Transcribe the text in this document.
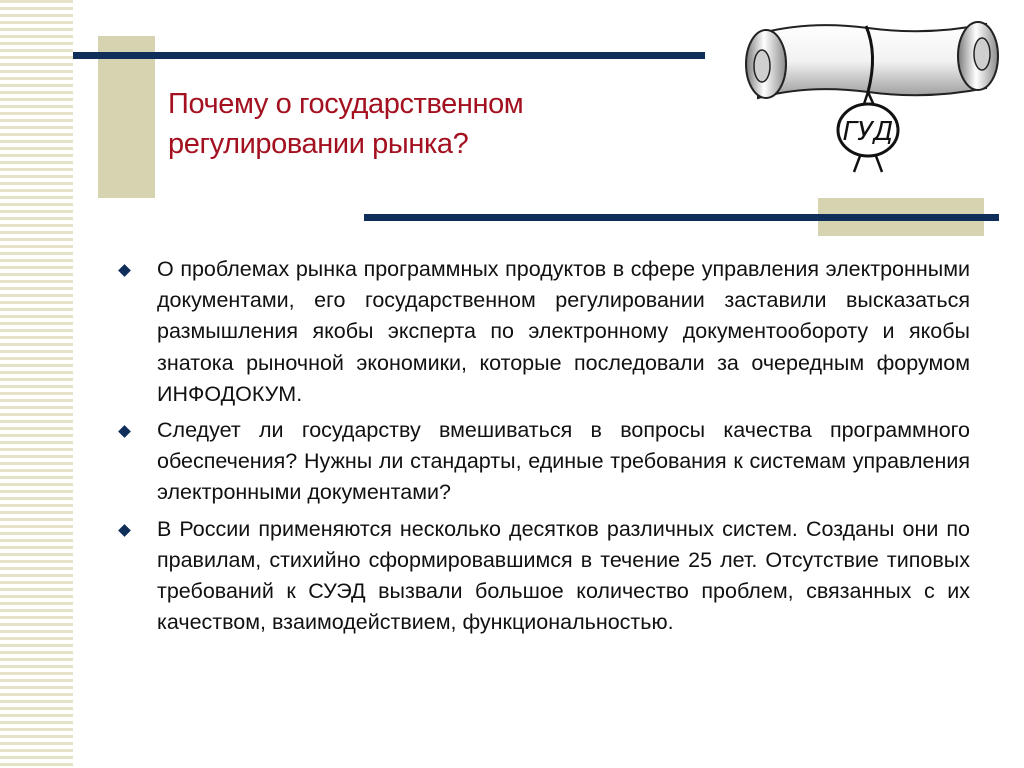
Почему о государственном
регулировании рынка?	ГУД
О проблемах рынка программных продуктов в сфере управления электронными документами, его государственном регулировании заставили высказаться размышления якобы эксперта по электронному документообороту и якобы знатока рыночной экономики, которые последовали за очередным форумом ИНФОДОКУМ.
Следует ли государству вмешиваться в вопросы качества программного обеспечения? Нужны ли стандарты, единые требования к системам управления электронными документами?
В России применяются несколько десятков различных систем. Созданы они по правилам, стихийно сформировавшимся в течение 25 лет. Отсутствие типовых требований к СУЭД вызвали большое количество проблем, связанных с их качеством, взаимодействием, функциональностью.
